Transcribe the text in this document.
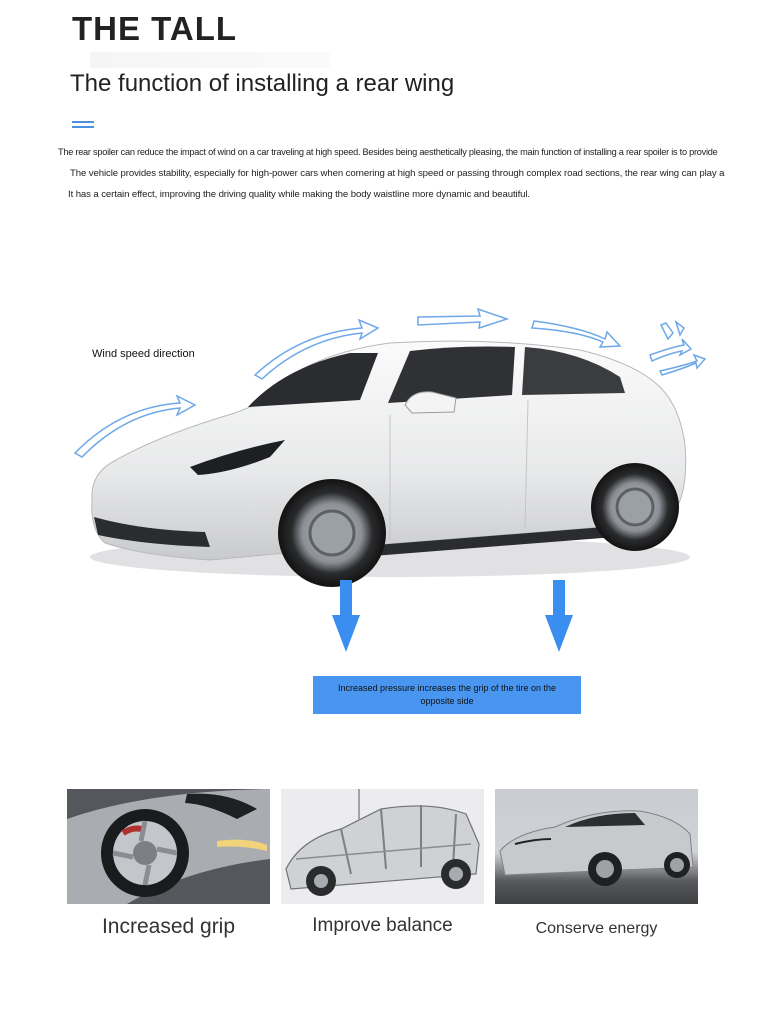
THE TALL
The function of installing a rear wing
The rear spoiler can reduce the impact of wind on a car traveling at high speed. Besides being aesthetically pleasing, the main function of installing a rear spoiler is to provide
The vehicle provides stability, especially for high-power cars when cornering at high speed or passing through complex road sections, the rear wing can play a
It has a certain effect, improving the driving quality while making the body waistline more dynamic and beautiful.
Wind speed direction
Increased pressure increases the grip of the tire on the opposite side
Increased grip	Improve balance	Conserve energy
